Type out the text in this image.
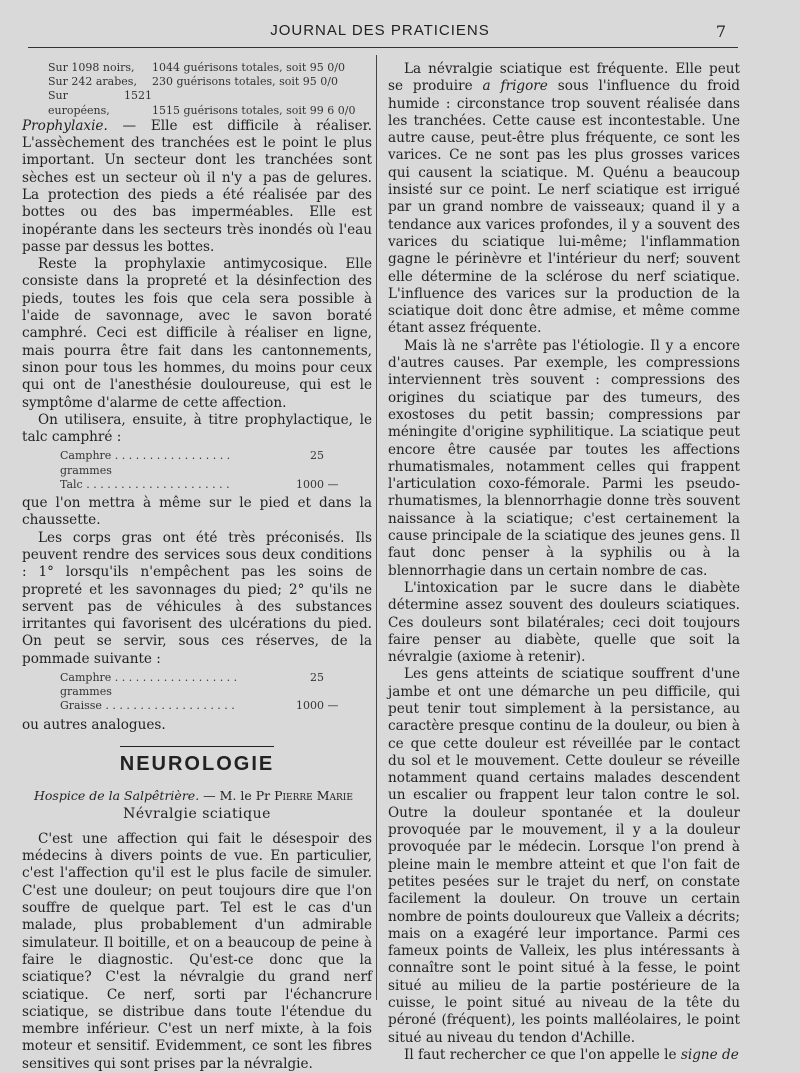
JOURNAL DES PRATICIENS	7
Sur 1098 noirs, 1044 guérisons totales, soit 95 0/0
Sur 242 arabes, 230 guérisons totales, soit 95 0/0
Sur 1521 européens,	1515 guérisons totales, soit 99 6 0/0

Prophylaxie. — Elle est difficile à réaliser. L'assèchement des tranchées est le point le plus important. Un secteur dont les tranchées sont sèches est un secteur où il n'y a pas de gelures. La protection des pieds a été réalisée par des bottes ou des bas imperméables. Elle est inopérante dans les secteurs très inondés où l'eau passe par dessus les bottes.

Reste la prophylaxie antimycosique. Elle consiste dans la propreté et la désinfection des pieds, toutes les fois que cela sera possible à l'aide de savonnage, avec le savon boraté camphré. Ceci est difficile à réaliser en ligne, mais pourra être fait dans les cantonnements, sinon pour tous les hommes, du moins pour ceux qui ont de l'anesthésie douloureuse, qui est le symptôme d'alarme de cette affection.

On utilisera, ensuite, à titre prophylactique, le talc camphré :

Camphre . . . . . . . . . . . . . . . . .	25 grammes
Talc . . . . . . . . . . . . . . . . . . . . .	1000 —

que l'on mettra à même sur le pied et dans la chaussette.

Les corps gras ont été très préconisés. Ils peuvent rendre des services sous deux conditions : 1° lorsqu'ils n'empêchent pas les soins de propreté et les savonnages du pied; 2° qu'ils ne servent pas de véhicules à des substances irritantes qui favorisent des ulcérations du pied. On peut se servir, sous ces réserves, de la pommade suivante :

Camphre . . . . . . . . . . . . . . . . . .	25 grammes
Graisse . . . . . . . . . . . . . . . . . . .	1000 —

ou autres analogues.

NEUROLOGIE
Hospice de la Salpêtrière. — M. le Pr Pierre Marie
Névralgie sciatique

C'est une affection qui fait le désespoir des médecins à divers points de vue. En particulier, c'est l'affection qu'il est le plus facile de simuler. C'est une douleur; on peut toujours dire que l'on souffre de quelque part. Tel est le cas d'un malade, plus probablement d'un admirable simulateur. Il boitille, et on a beaucoup de peine à faire le diagnostic. Qu'est-ce donc que la sciatique? C'est la névralgie du grand nerf sciatique. Ce nerf, sorti par l'échancrure sciatique, se distribue dans toute l'étendue du membre inférieur. C'est un nerf mixte, à la fois moteur et sensitif. Evidemment, ce sont les fibres sensitives qui sont prises par la névralgie.

La névralgie sciatique est fréquente. Elle peut se produire a frigore sous l'influence du froid humide : circonstance trop souvent réalisée dans les tranchées. Cette cause est incontestable. Une autre cause, peut-être plus fréquente, ce sont les varices. Ce ne sont pas les plus grosses varices qui causent la sciatique. M. Quénu a beaucoup insisté sur ce point. Le nerf sciatique est irrigué par un grand nombre de vaisseaux; quand il y a tendance aux varices profondes, il y a souvent des varices du sciatique lui-même; l'inflammation gagne le périnèvre et l'intérieur du nerf; souvent elle détermine de la sclérose du nerf sciatique. L'influence des varices sur la production de la sciatique doit donc être admise, et même comme étant assez fréquente.

Mais là ne s'arrête pas l'étiologie. Il y a encore d'autres causes. Par exemple, les compressions interviennent très souvent : compressions des origines du sciatique par des tumeurs, des exostoses du petit bassin; compressions par méningite d'origine syphilitique. La sciatique peut encore être causée par toutes les affections rhumatismales, notamment celles qui frappent l'articulation coxo-fémorale. Parmi les pseudo-rhumatismes, la blennorrhagie donne très souvent naissance à la sciatique; c'est certainement la cause principale de la sciatique des jeunes gens. Il faut donc penser à la syphilis ou à la blennorrhagie dans un certain nombre de cas.

L'intoxication par le sucre dans le diabète détermine assez souvent des douleurs sciatiques. Ces douleurs sont bilatérales; ceci doit toujours faire penser au diabète, quelle que soit la névralgie (axiome à retenir).

Les gens atteints de sciatique souffrent d'une jambe et ont une démarche un peu difficile, qui peut tenir tout simplement à la persistance, au caractère presque continu de la douleur, ou bien à ce que cette douleur est réveillée par le contact du sol et le mouvement. Cette douleur se réveille notamment quand certains malades descendent un escalier ou frappent leur talon contre le sol. Outre la douleur spontanée et la douleur provoquée par le mouvement, il y a la douleur provoquée par le médecin. Lorsque l'on prend à pleine main le membre atteint et que l'on fait de petites pesées sur le trajet du nerf, on constate facilement la douleur. On trouve un certain nombre de points douloureux que Valleix a décrits; mais on a exagéré leur importance. Parmi ces fameux points de Valleix, les plus intéressants à connaître sont le point situé à la fesse, le point situé au milieu de la partie postérieure de la cuisse, le point situé au niveau de la tête du péroné (fréquent), les points malléolaires, le point situé au niveau du tendon d'Achille.

Il faut rechercher ce que l'on appelle le signe de
